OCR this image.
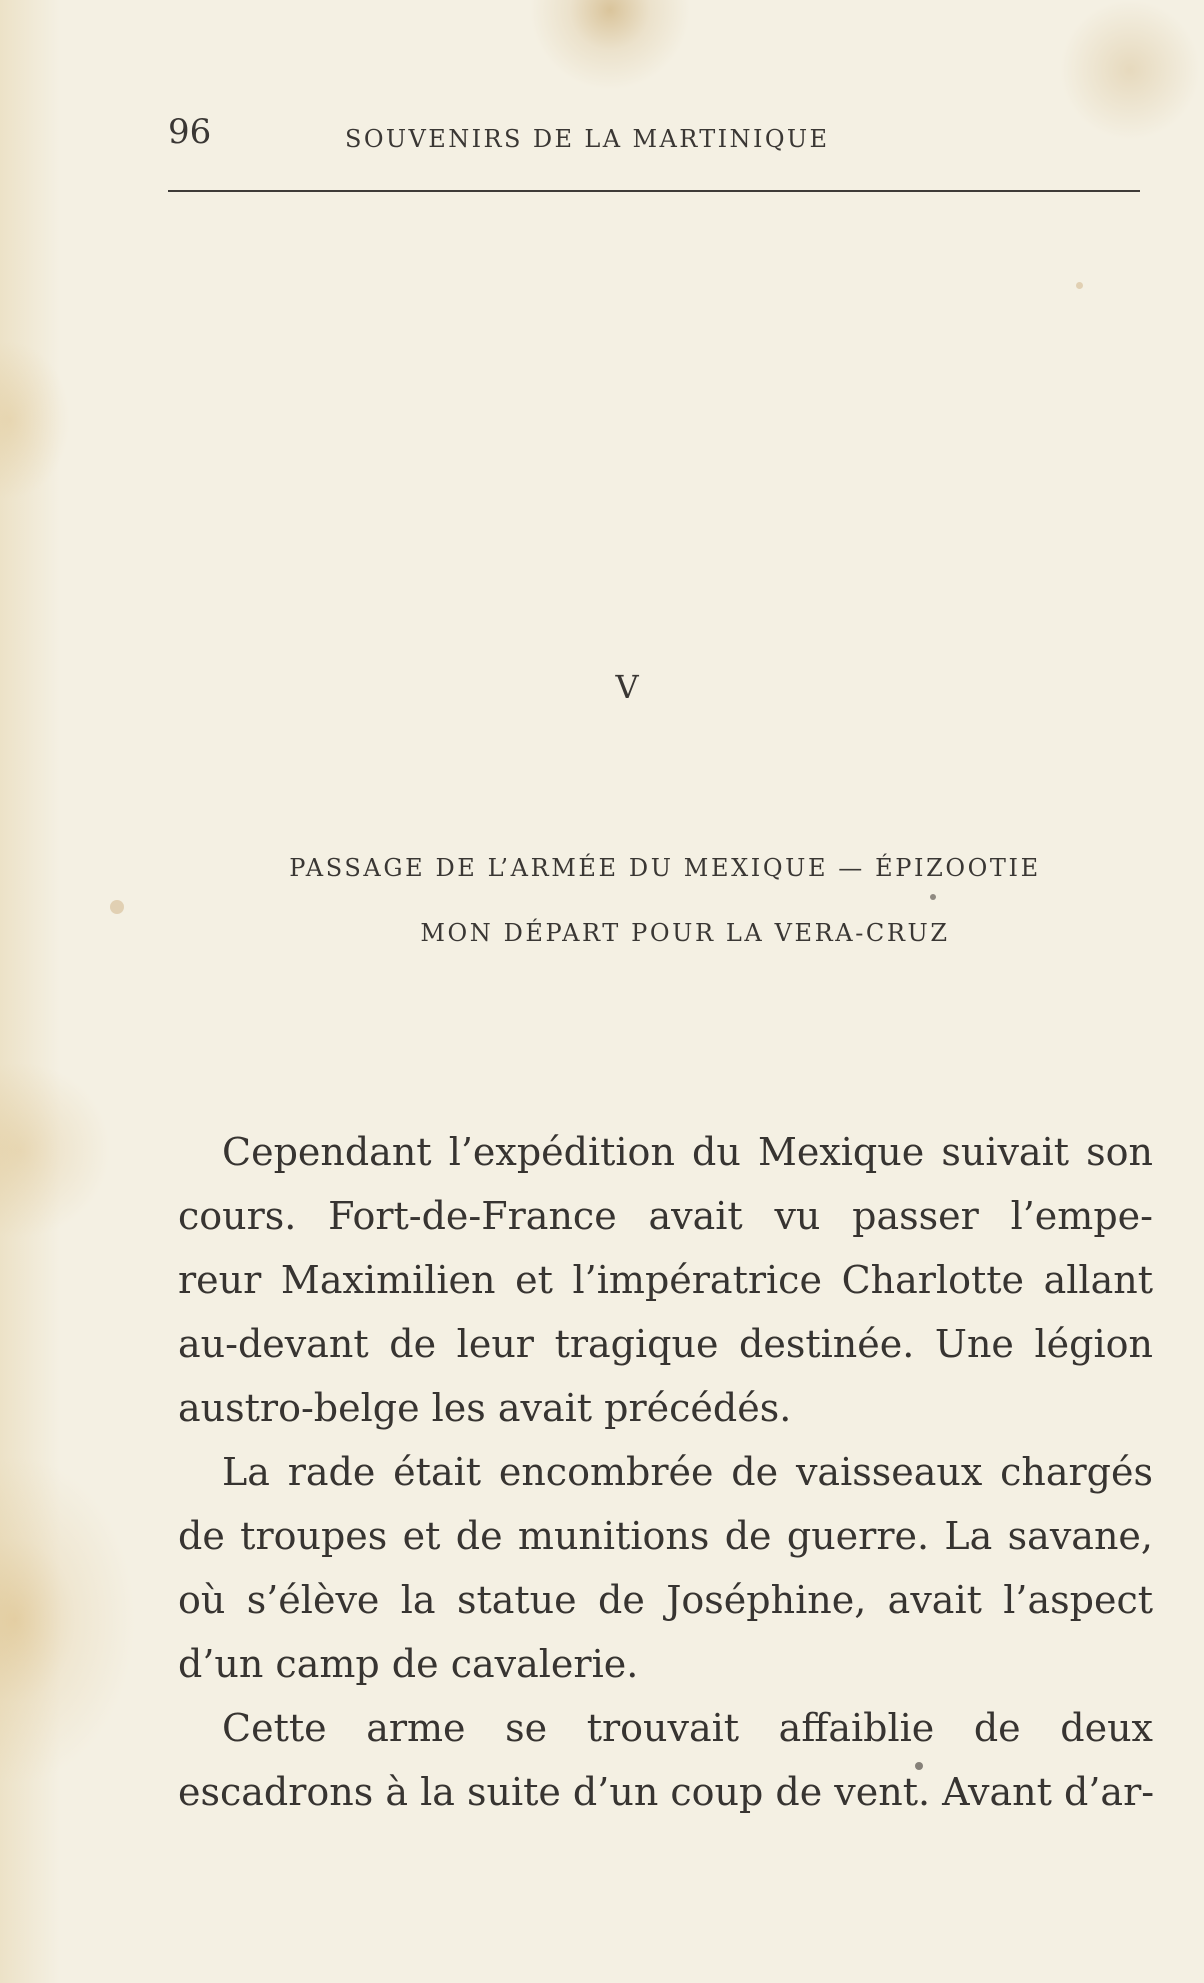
96	SOUVENIRS DE LA MARTINIQUE
V
PASSAGE DE L’ARMÉE DU MEXIQUE — ÉPIZOOTIE
MON DÉPART POUR LA VERA-CRUZ
Cependant l’expédition du Mexique suivait son
cours. Fort-de-France avait vu passer l’empe-
reur Maximilien et l’impératrice Charlotte allant
au-devant de leur tragique destinée. Une légion
austro-belge les avait précédés.
La rade était encombrée de vaisseaux chargés
de troupes et de munitions de guerre. La savane,
où s’élève la statue de Joséphine, avait l’aspect
d’un camp de cavalerie.
Cette arme se trouvait affaiblie de deux
escadrons à la suite d’un coup de vent. Avant d’ar-
